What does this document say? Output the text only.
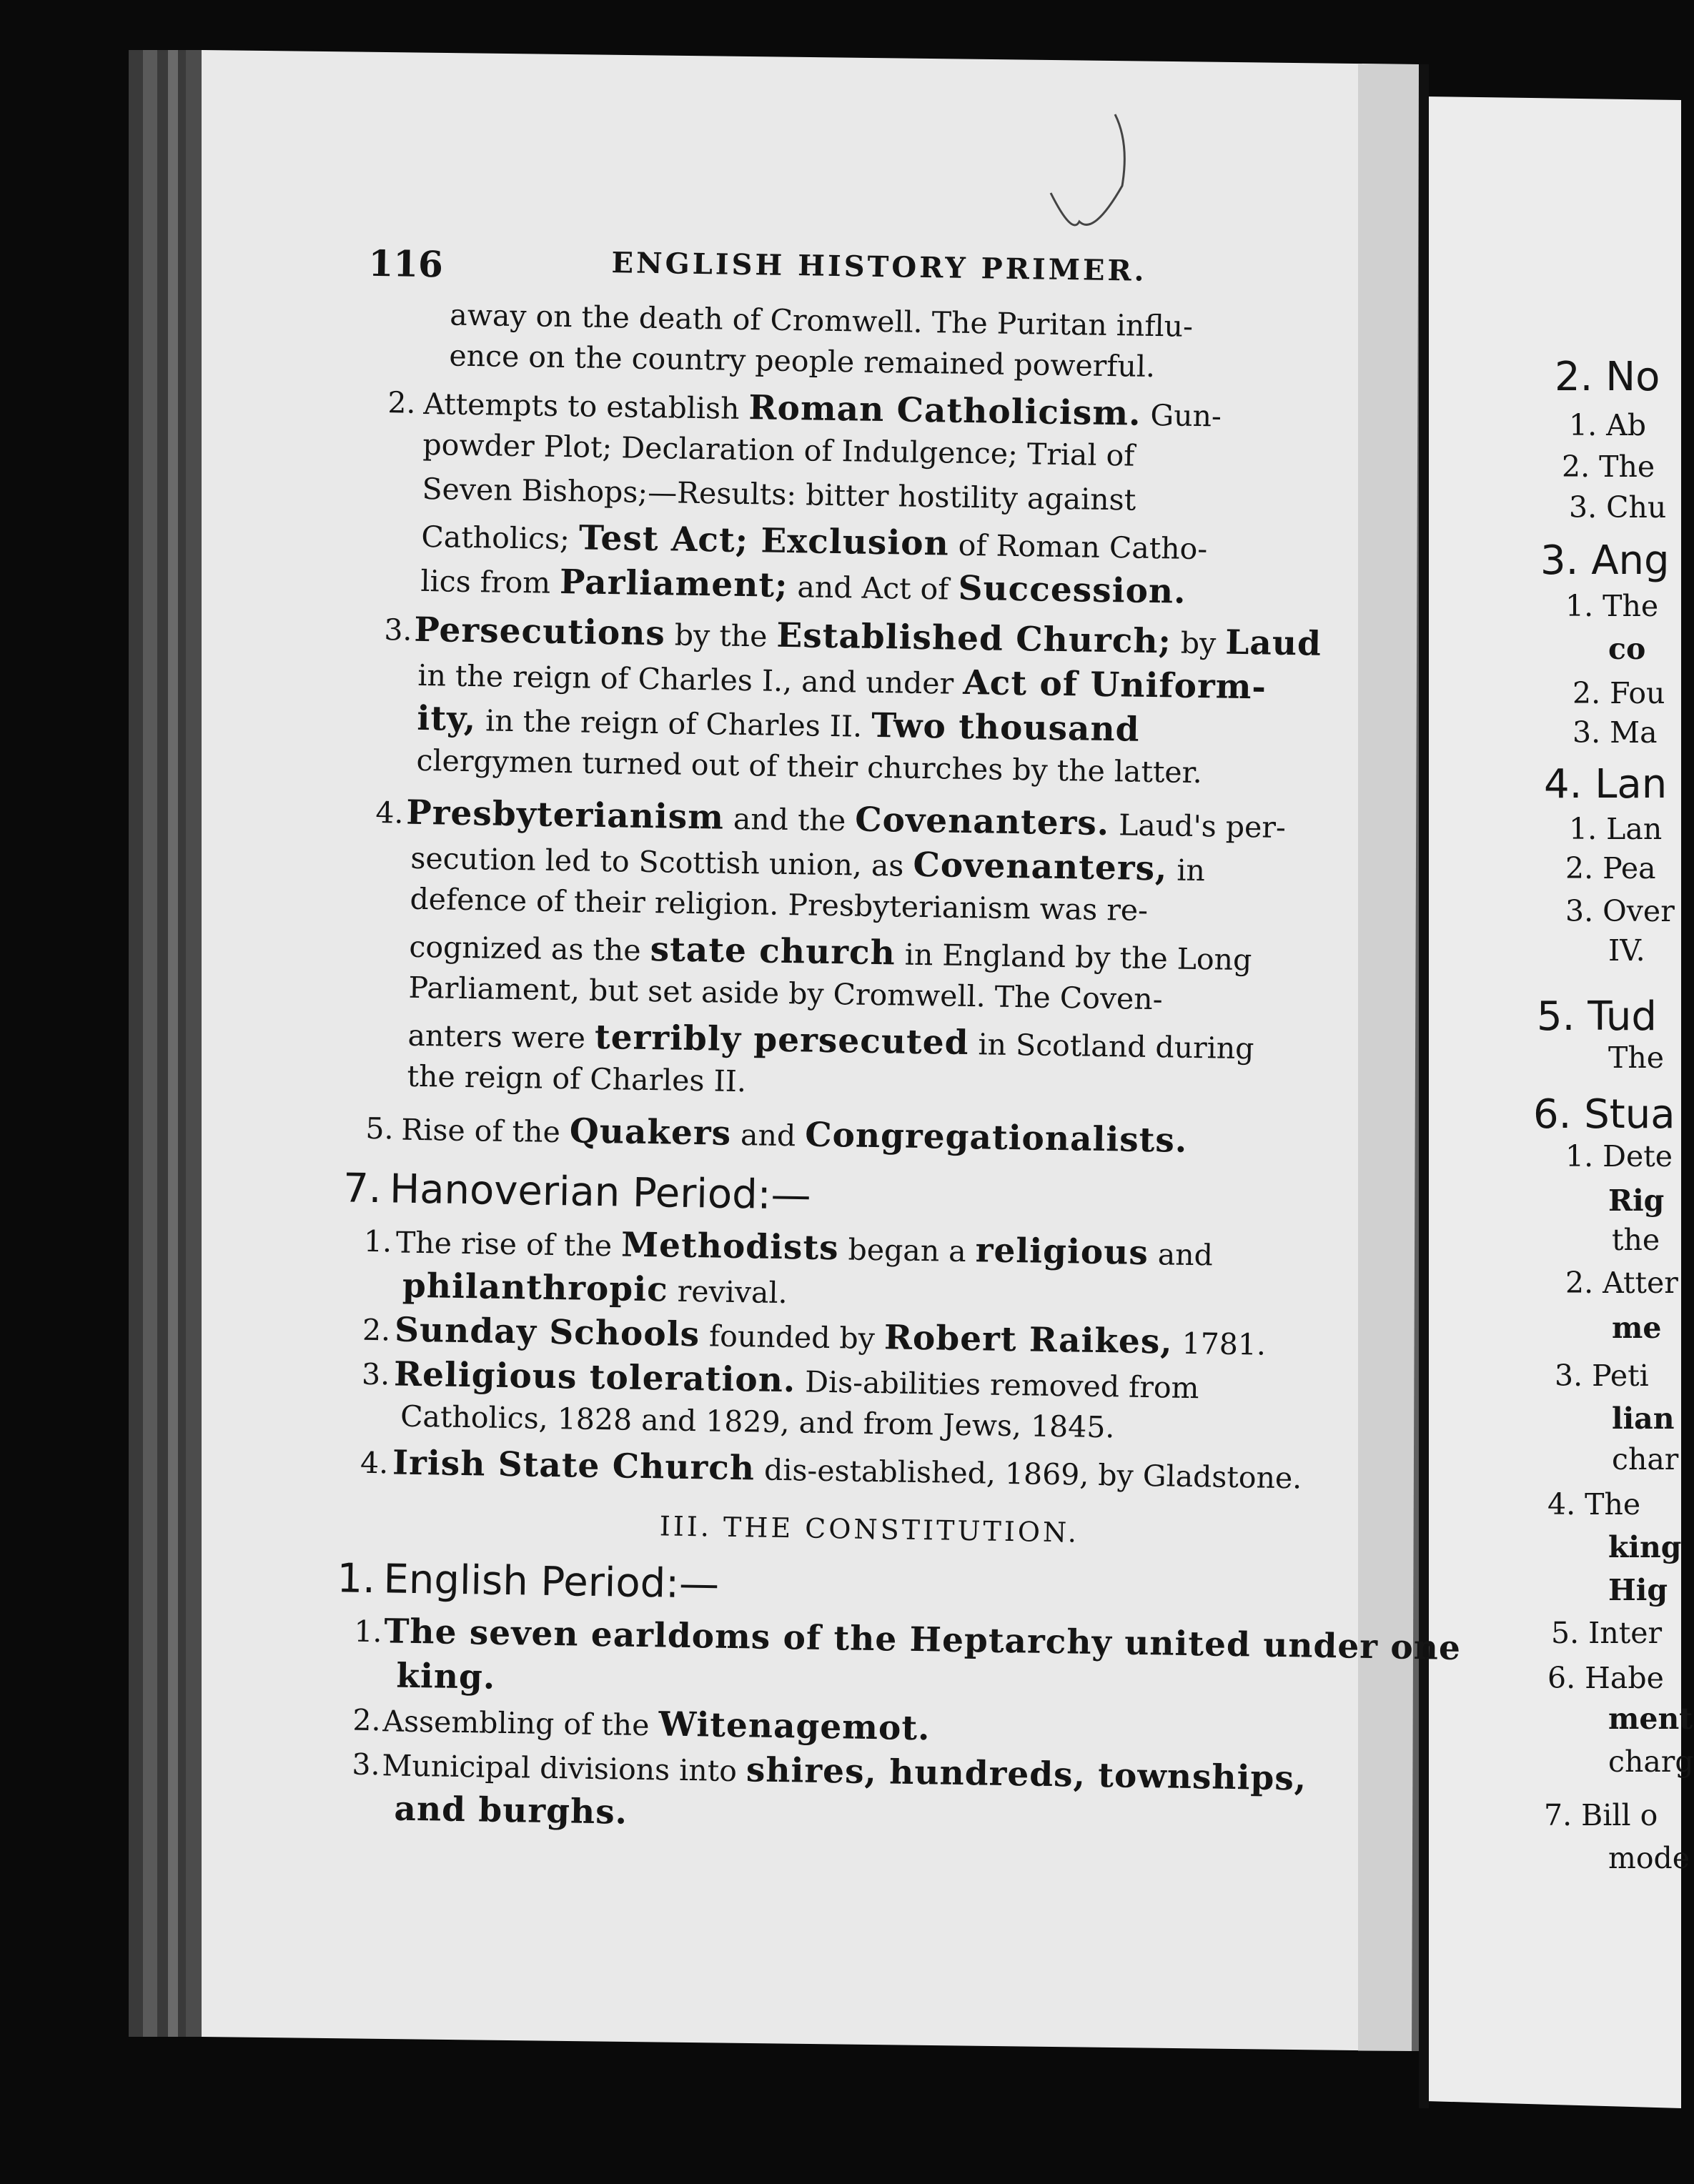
116	ENGLISH HISTORY PRIMER.
away on the death of Cromwell. The Puritan influ-
ence on the country people remained powerful.
2. Attempts to establish Roman Catholicism. Gun-
powder Plot; Declaration of Indulgence; Trial of
Seven Bishops;—Results: bitter hostility against
Catholics; Test Act; Exclusion of Roman Catho-
lics from Parliament; and Act of Succession.
3. Persecutions by the Established Church; by Laud
in the reign of Charles I., and under Act of Uniform-
ity, in the reign of Charles II. Two thousand
clergymen turned out of their churches by the latter.
4. Presbyterianism and the Covenanters. Laud's per-
secution led to Scottish union, as Covenanters, in
defence of their religion. Presbyterianism was re-
cognized as the state church in England by the Long
Parliament, but set aside by Cromwell. The Coven-
anters were terribly persecuted in Scotland during
the reign of Charles II.
5. Rise of the Quakers and Congregationalists.
7. Hanoverian Period:—
1. The rise of the Methodists began a religious and
philanthropic revival.
2. Sunday Schools founded by Robert Raikes, 1781.
3. Religious toleration. Dis-abilities removed from
Catholics, 1828 and 1829, and from Jews, 1845.
4. Irish State Church dis-established, 1869, by Gladstone.
III. THE CONSTITUTION.
1. English Period:—
1. The seven earldoms of the Heptarchy united under one
king.
2. Assembling of the Witenagemot.
3. Municipal divisions into shires, hundreds, townships,
and burghs.
2. No
1. Ab
2. The
3. Chu
3. Ang
1. The
co
2. Fou
3. Ma
4. Lan
1. Lan
2. Pea
3. Over
IV.
5. Tud
The
6. Stua
1. Dete
Rig
the
2. Atter
me
3. Peti
lian
char
4. The
king
Hig
5. Inter
6. Habe
ment
charg
7. Bill o
mode
